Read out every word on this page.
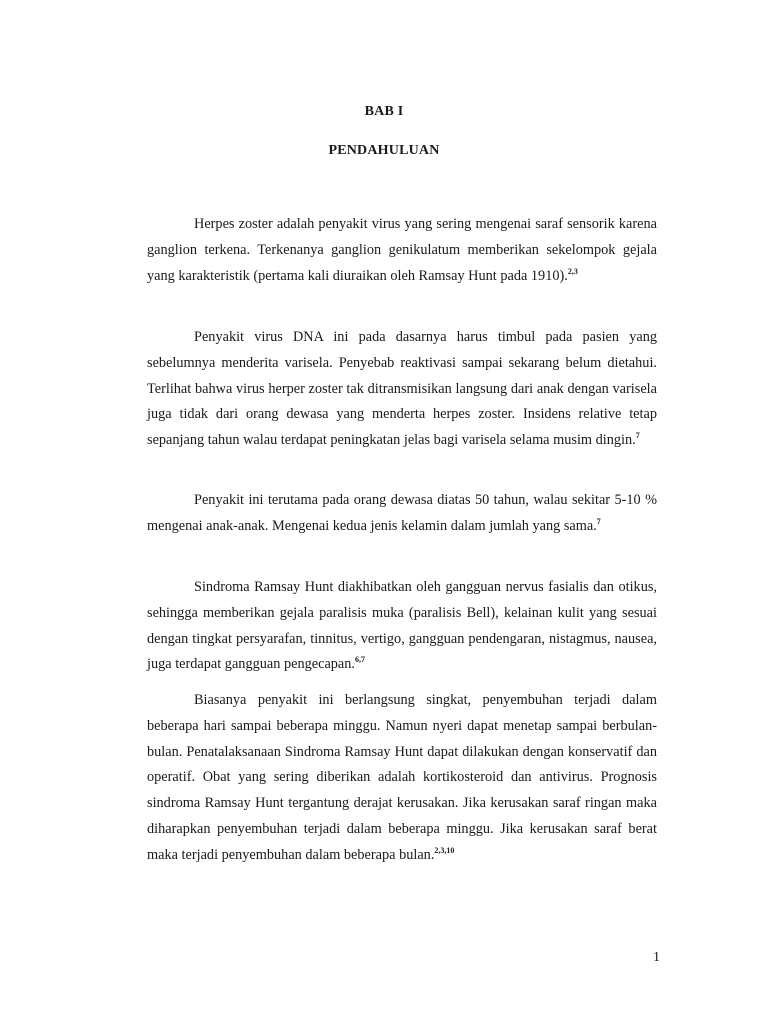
BAB I
PENDAHULUAN

Herpes zoster adalah penyakit virus yang sering mengenai saraf sensorik karena ganglion terkena. Terkenanya ganglion genikulatum memberikan sekelompok gejala yang karakteristik (pertama kali diuraikan oleh Ramsay Hunt pada 1910).$^{2,3}$

Penyakit virus DNA ini pada dasarnya harus timbul pada pasien yang sebelumnya menderita varisela. Penyebab reaktivasi sampai sekarang belum dietahui. Terlihat bahwa virus herper zoster tak ditransmisikan langsung dari anak dengan varisela juga tidak dari orang dewasa yang menderta herpes zoster. Insidens relative tetap sepanjang tahun walau terdapat peningkatan jelas bagi varisela selama musim dingin.$^7$

Penyakit ini terutama pada orang dewasa diatas 50 tahun, walau sekitar 5-10 % mengenai anak-anak. Mengenai kedua jenis kelamin dalam jumlah yang sama.$^7$

Sindroma Ramsay Hunt diakhibatkan oleh gangguan nervus fasialis dan otikus, sehingga memberikan gejala paralisis muka (paralisis Bell), kelainan kulit yang sesuai dengan tingkat persyarafan, tinnitus, vertigo, gangguan pendengaran, nistagmus, nausea, juga terdapat gangguan pengecapan.$^{6,7}$

Biasanya penyakit ini berlangsung singkat, penyembuhan terjadi dalam beberapa hari sampai beberapa minggu. Namun nyeri dapat menetap sampai berbulan-bulan. Penatalaksanaan Sindroma Ramsay Hunt dapat dilakukan dengan konservatif dan operatif. Obat yang sering diberikan adalah kortikosteroid dan antivirus. Prognosis sindroma Ramsay Hunt tergantung derajat kerusakan. Jika kerusakan saraf ringan maka diharapkan penyembuhan terjadi dalam beberapa minggu. Jika kerusakan saraf berat maka terjadi penyembuhan dalam beberapa bulan.$^{2,3,10}$

1
